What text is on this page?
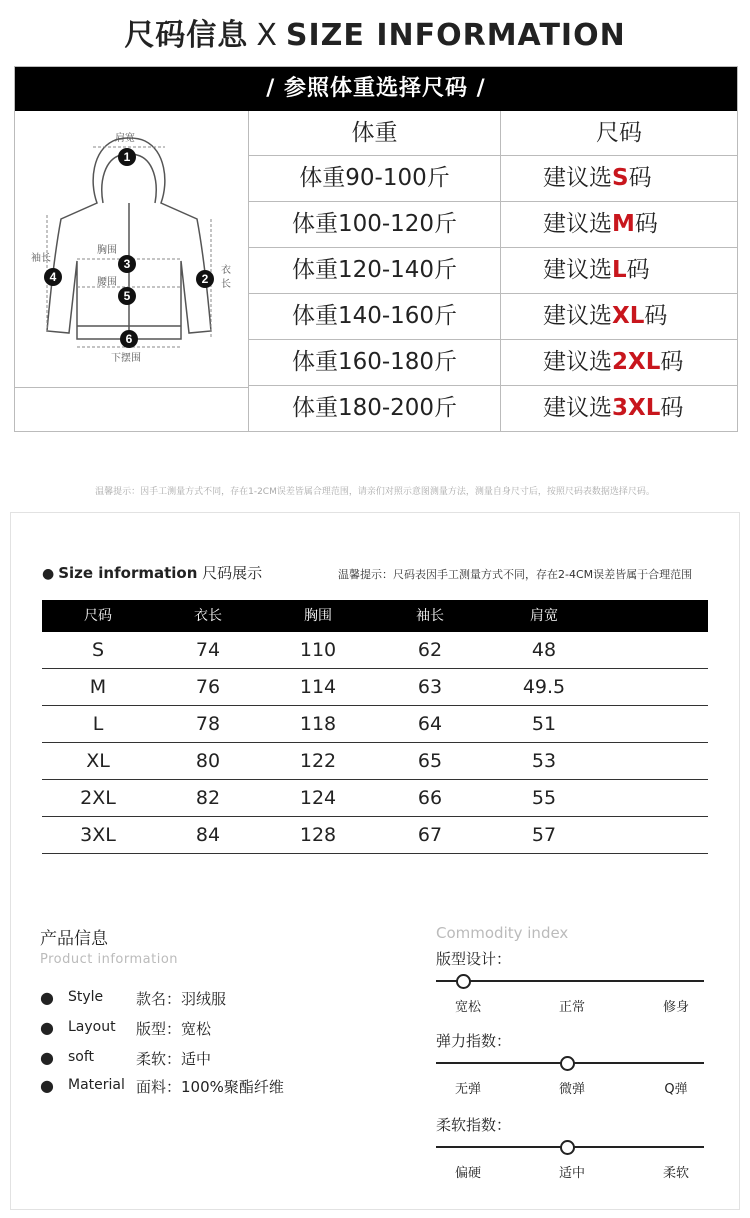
尺码信息 X SIZE INFORMATION
/ 参照体重选择尺码 /
1
2
3
4
5
6
肩宽
袖长
胸围
腰围
衣
长
下摆围
体重	尺码
体重90-100斤	建议选S码
体重100-120斤	建议选M码
体重120-140斤	建议选L码
体重140-160斤	建议选XL码
体重160-180斤	建议选2XL码
体重180-200斤	建议选3XL码
温馨提示：因手工测量方式不同，存在1-2CM误差皆属合理范围，请亲们对照示意图测量方法，测量自身尺寸后，按照尺码表数据选择尺码。
● Size information 尺码展示	温馨提示：尺码表因手工测量方式不同，存在2-4CM误差皆属于合理范围
尺码	衣长	胸围	袖长	肩宽
S	74	110	62	48
M	76	114	63	49.5
L	78	118	64	51
XL	80	122	65	53
2XL	82	124	66	55
3XL	84	128	67	57
产品信息
Product information
● Style 款名：羽绒服
● Layout 版型：宽松
● soft	柔软：适中
● Material 面料：100%聚酯纤维
Commodity index
版型设计：
宽松	正常	修身
弹力指数：
无弹	微弹	Q弹
柔软指数：
偏硬	适中	柔软
